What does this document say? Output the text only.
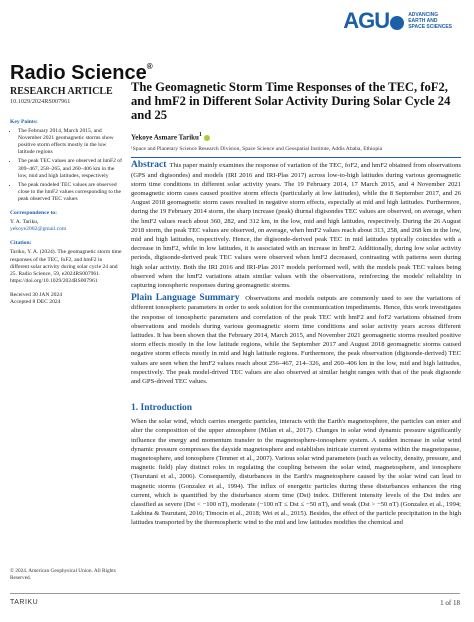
AGU	ADVANCING
EARTH AND
SPACE SCIENCES
Radio Science®
RESEARCH ARTICLE
10.1029/2024RS007961
Key Points:
• The February 2014, March 2015, and November 2021 geomagnetic storms show positive storm effects mostly in the low latitude regions
• The peak TEC values are observed at hmF2 of 309–467, 258–265, and 260–406 km in the low, mid and high latitudes, respectively
• The peak modeled TEC values are observed close to the hmF2 values corresponding to the peak observed TEC values
Correspondence to:

Y. A. Tariku,

yekoye2002@gmail.com

Citation:

Tariku, Y. A. (2024). The geomagnetic storm time responses of the TEC, foF2, and hmF2 in different solar activity during solar cycle 24 and 25. Radio Science, 59, e2024RS007961. https://doi.org/10.1029/2024RS007961

Received 30 JAN 2024

Accepted 8 DEC 2024

© 2024. American Geophysical Union. All Rights Reserved.
The Geomagnetic Storm Time Responses of the TEC, foF2, and hmF2 in Different Solar Activity During Solar Cycle 24 and 25
Yekoye Asmare Tariku$^1$
¹Space and Planetary Science Research Division, Space Science and Geospatial Institute, Addis Ababa, Ethiopia
Abstract This paper mainly examines the response of variation of the TEC, foF2, and hmF2 obtained from observations (GPS and digisondes) and models (IRI 2016 and IRI-Plas 2017) across low-to-high latitudes during various geomagnetic storm time conditions in different solar activity years. The 19 February 2014, 17 March 2015, and 4 November 2021 geomagnetic storm cases caused positive storm effects (particularly at low latitudes), while the 8 September 2017, and 26 August 2018 geomagnetic storm cases resulted in negative storm effects, especially at mid and high latitudes. Furthermore, during the 19 February 2014 storm, the sharp increase (peak) diurnal digisondes TEC values are observed, on average, when the hmF2 values reach about 360, 282, and 312 km, in the low, mid and high latitudes, respectively. During the 26 August 2018 storm, the peak TEC values are observed, on average, when hmF2 values reach about 313, 258, and 268 km in the low, mid and high latitudes, respectively. Hence, the digisonde-derived peak TEC in mid latitudes typically coincides with a decrease in hmF2, while in low latitudes, it is associated with an increase in hmF2. Additionally, during low solar activity periods, digisonde-derived peak TEC values were observed when hmF2 decreased, contrasting with patterns seen during high solar activity. Both the IRI 2016 and IRI-Plas 2017 models performed well, with the models peak TEC values being observed when the hmF2 variations attain similar values with the observations, reinforcing the models' reliability in capturing ionospheric responses during geomagnetic storms.
Plain Language Summary Observations and models outputs are commonly used to see the variations of different ionospheric parameters in order to seek solution for the communication impediments. Hence, this work investigates the response of ionospheric parameters and correlation of the peak TEC with hmF2 and foF2 variations obtained from observations and models during various geomagnetic storm time conditions and solar activity years across different latitudes. It has been shown that the February 2014, March 2015, and November 2021 geomagnetic storms resulted positive storm effects mostly in the low latitude regions, while the September 2017 and August 2018 geomagnetic storms caused negative storm effects mostly in mid and high latitude regions. Furthermore, the peak observation (digisonde-derived) TEC values are seen when the hmF2 values reach about 256–467, 214–326, and 260–406 km in the low, mid and high latitudes, respectively. The peak model-drived TEC values are also observed at similar height ranges with that of the peak digisonde and GPS-drived TEC values.
1. Introduction
When the solar wind, which carries energetic particles, interacts with the Earth's magnetosphere, the particles can enter and alter the composition of the upper atmosphere (Milan et al., 2017). Changes in solar wind dynamic pressure significantly influence the energy and momentum transfer to the magnetosphere-ionosphere system. A sudden increase in solar wind dynamic pressure compresses the dayside magnetosphere and establishes intricate current systems within the magnetopause, magnetosphere, and ionosphere (Tenmer et al., 2007). Various solar wind parameters (such as velocity, density, pressure, and magnetic field) play distinct roles in regulating the coupling between the solar wind, magnetosphere, and ionosphere (Tsurutani et al., 2006). Consequently, disturbances in the Earth's magnetosphere caused by the solar wind can lead to magnetic storms (Gonzalez et al., 1994). The influx of energetic particles during these disturbances enhances the ring current, which is quantified by the disturbance storm time (Dst) index. Different intensity levels of the Dst index are classified as severe (Dst < −100 nT), moderate (−100 nT ≤ Dst ≤ −50 nT), and weak (Dst > −50 nT) (Gonzalez et al., 1994; Lakhina & Tsurutani, 2016; Timocin et al., 2018; Wei et al., 2015). Besides, the effect of the particle precipitation in the high latitudes transported by the thermospheric wind to the mid and low latitudes modifies the chemical and
TARIKU	1 of 18
